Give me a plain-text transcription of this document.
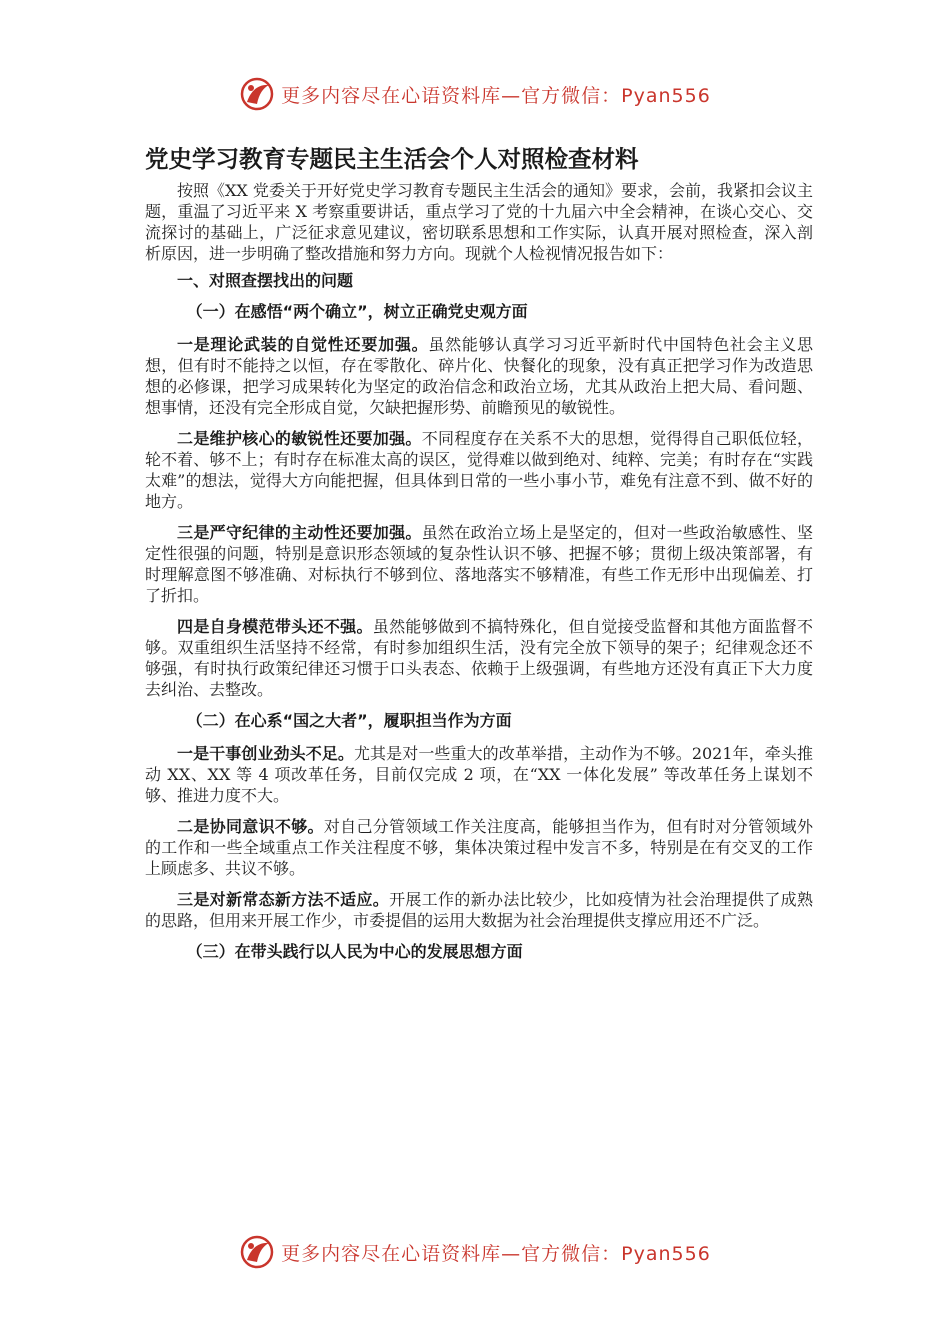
更多内容尽在心语资料库—官方微信：Pyan556
党史学习教育专题民主生活会个人对照检查材料

按照《XX 党委关于开好党史学习教育专题民主生活会的通知》要求，会前，我紧扣会议主题，重温了习近平来 X 考察重要讲话，重点学习了党的十九届六中全会精神，在谈心交心、交流探讨的基础上，广泛征求意见建议，密切联系思想和工作实际，认真开展对照检查，深入剖析原因，进一步明确了整改措施和努力方向。现就个人检视情况报告如下：

一、对照查摆找出的问题
（一）在感悟“两个确立”，树立正确党史观方面

一是理论武装的自觉性还要加强。虽然能够认真学习习近平新时代中国特色社会主义思想，但有时不能持之以恒，存在零散化、碎片化、快餐化的现象，没有真正把学习作为改造思想的必修课，把学习成果转化为坚定的政治信念和政治立场，尤其从政治上把大局、看问题、想事情，还没有完全形成自觉，欠缺把握形势、前瞻预见的敏锐性。

二是维护核心的敏锐性还要加强。不同程度存在关系不大的思想，觉得得自己职低位轻，轮不着、够不上；有时存在标准太高的误区，觉得难以做到绝对、纯粹、完美；有时存在“实践太难”的想法，觉得大方向能把握，但具体到日常的一些小事小节，难免有注意不到、做不好的地方。

三是严守纪律的主动性还要加强。虽然在政治立场上是坚定的，但对一些政治敏感性、坚定性很强的问题，特别是意识形态领域的复杂性认识不够、把握不够；贯彻上级决策部署，有时理解意图不够准确、对标执行不够到位、落地落实不够精准，有些工作无形中出现偏差、打了折扣。

四是自身模范带头还不强。虽然能够做到不搞特殊化，但自觉接受监督和其他方面监督不够。双重组织生活坚持不经常，有时参加组织生活，没有完全放下领导的架子；纪律观念还不够强，有时执行政策纪律还习惯于口头表态、依赖于上级强调，有些地方还没有真正下大力度去纠治、去整改。

（二）在心系“国之大者”，履职担当作为方面

一是干事创业劲头不足。尤其是对一些重大的改革举措，主动作为不够。2021年，牵头推动 XX、XX 等 4 项改革任务，目前仅完成 2 项，在“XX 一体化发展” 等改革任务上谋划不够、推进力度不大。

二是协同意识不够。对自己分管领域工作关注度高，能够担当作为，但有时对分管领域外的工作和一些全域重点工作关注程度不够，集体决策过程中发言不多，特别是在有交叉的工作上顾虑多、共议不够。

三是对新常态新方法不适应。开展工作的新办法比较少，比如疫情为社会治理提供了成熟的思路，但用来开展工作少，市委提倡的运用大数据为社会治理提供支撑应用还不广泛。

（三）在带头践行以人民为中心的发展思想方面
更多内容尽在心语资料库—官方微信：Pyan556
